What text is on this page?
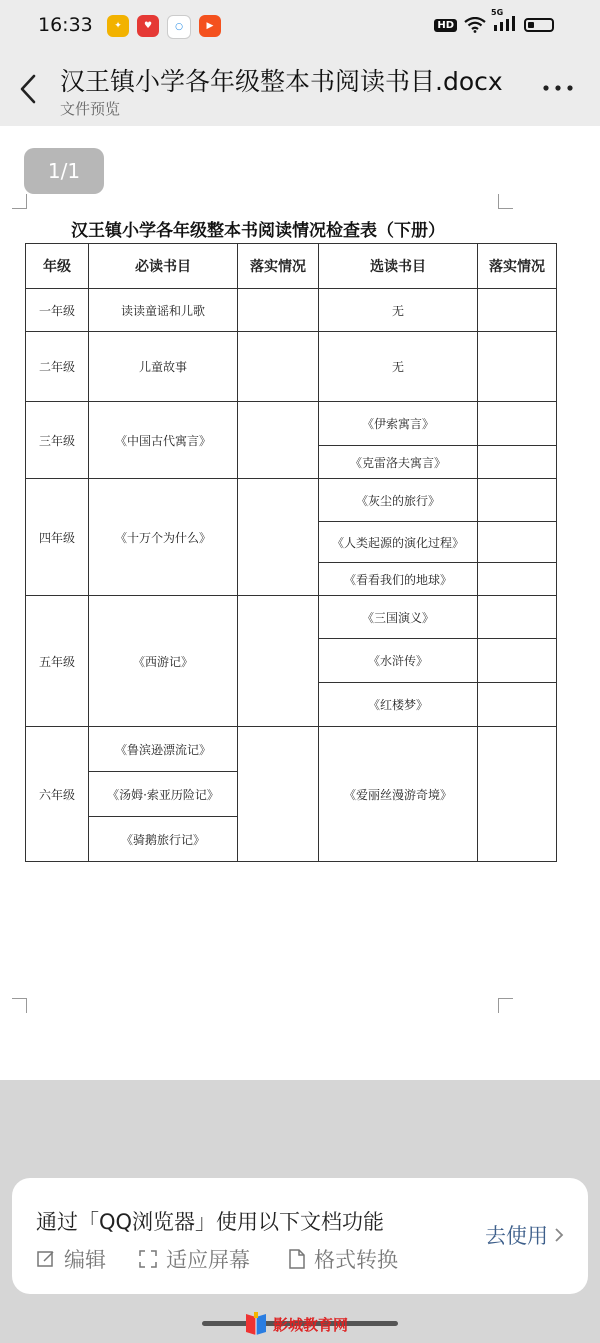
16:33	✦	♥	○	▶	HD
5G
汉王镇小学各年级整本书阅读书目.docx
文件预览
1/1
汉王镇小学各年级整本书阅读情况检查表（下册）
年级	必读书目	落实情况	选读书目	落实情况
一年级	读读童谣和儿歌		无	
二年级	儿童故事		无	
三年级	《中国古代寓言》		《伊索寓言》	
			《克雷洛夫寓言》	
四年级	《十万个为什么》		《灰尘的旅行》	
			《人类起源的演化过程》	
			《看看我们的地球》	
五年级	《西游记》		《三国演义》	
			《水浒传》	
			《红楼梦》	
六年级	《鲁滨逊漂流记》		《爱丽丝漫游奇境》	
	《汤姆·索亚历险记》			
	《骑鹅旅行记》			
通过「QQ浏览器」使用以下文档功能
编辑	适应屏幕	格式转换
去使用
影城教育网
